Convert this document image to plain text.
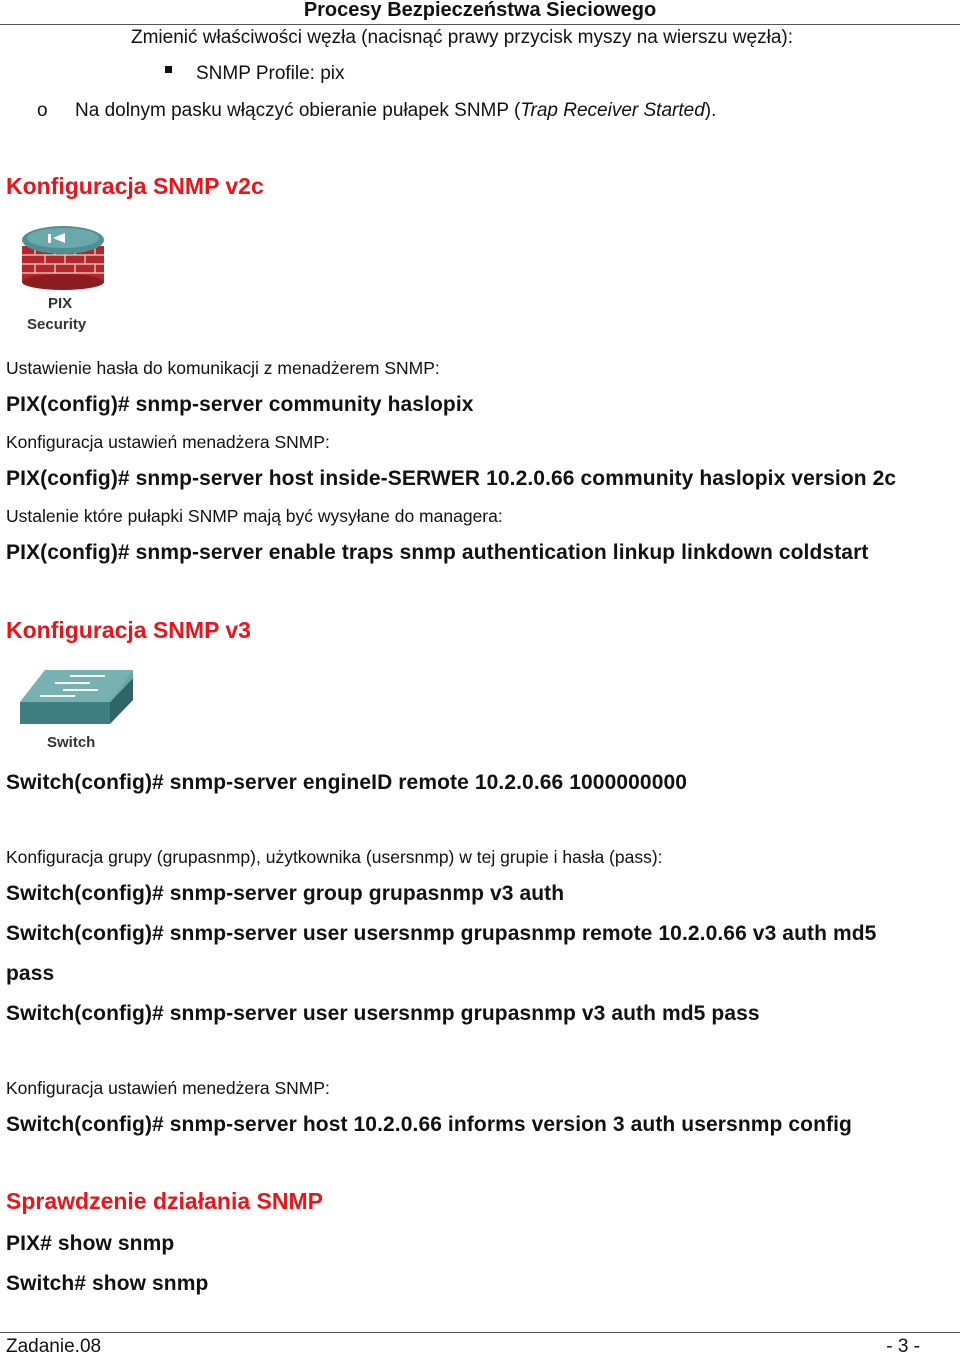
Procesy Bezpieczeństwa Sieciowego
Zmienić właściwości węzła (nacisnąć prawy przycisk myszy na wierszu węzła):
SNMP Profile: pix
o Na dolnym pasku włączyć obieranie pułapek SNMP (Trap Receiver Started).
Konfiguracja SNMP v2c
PIX
Security
Ustawienie hasła do komunikacji z menadżerem SNMP:
PIX(config)# snmp-server community haslopix
Konfiguracja ustawień menadżera SNMP:
PIX(config)# snmp-server host inside-SERWER 10.2.0.66 community haslopix version 2c
Ustalenie które pułapki SNMP mają być wysyłane do managera:
PIX(config)# snmp-server enable traps snmp authentication linkup linkdown coldstart
Konfiguracja SNMP v3
Switch
Switch(config)# snmp-server engineID remote 10.2.0.66 1000000000
Konfiguracja grupy (grupasnmp), użytkownika (usersnmp) w tej grupie i hasła (pass):
Switch(config)# snmp-server group grupasnmp v3 auth
Switch(config)# snmp-server user usersnmp grupasnmp remote 10.2.0.66 v3 auth md5
pass
Switch(config)# snmp-server user usersnmp grupasnmp v3 auth md5 pass
Konfiguracja ustawień menedżera SNMP:
Switch(config)# snmp-server host 10.2.0.66 informs version 3 auth usersnmp config
Sprawdzenie działania SNMP
PIX# show snmp
Switch# show snmp
Zadanie.08	- 3 -
